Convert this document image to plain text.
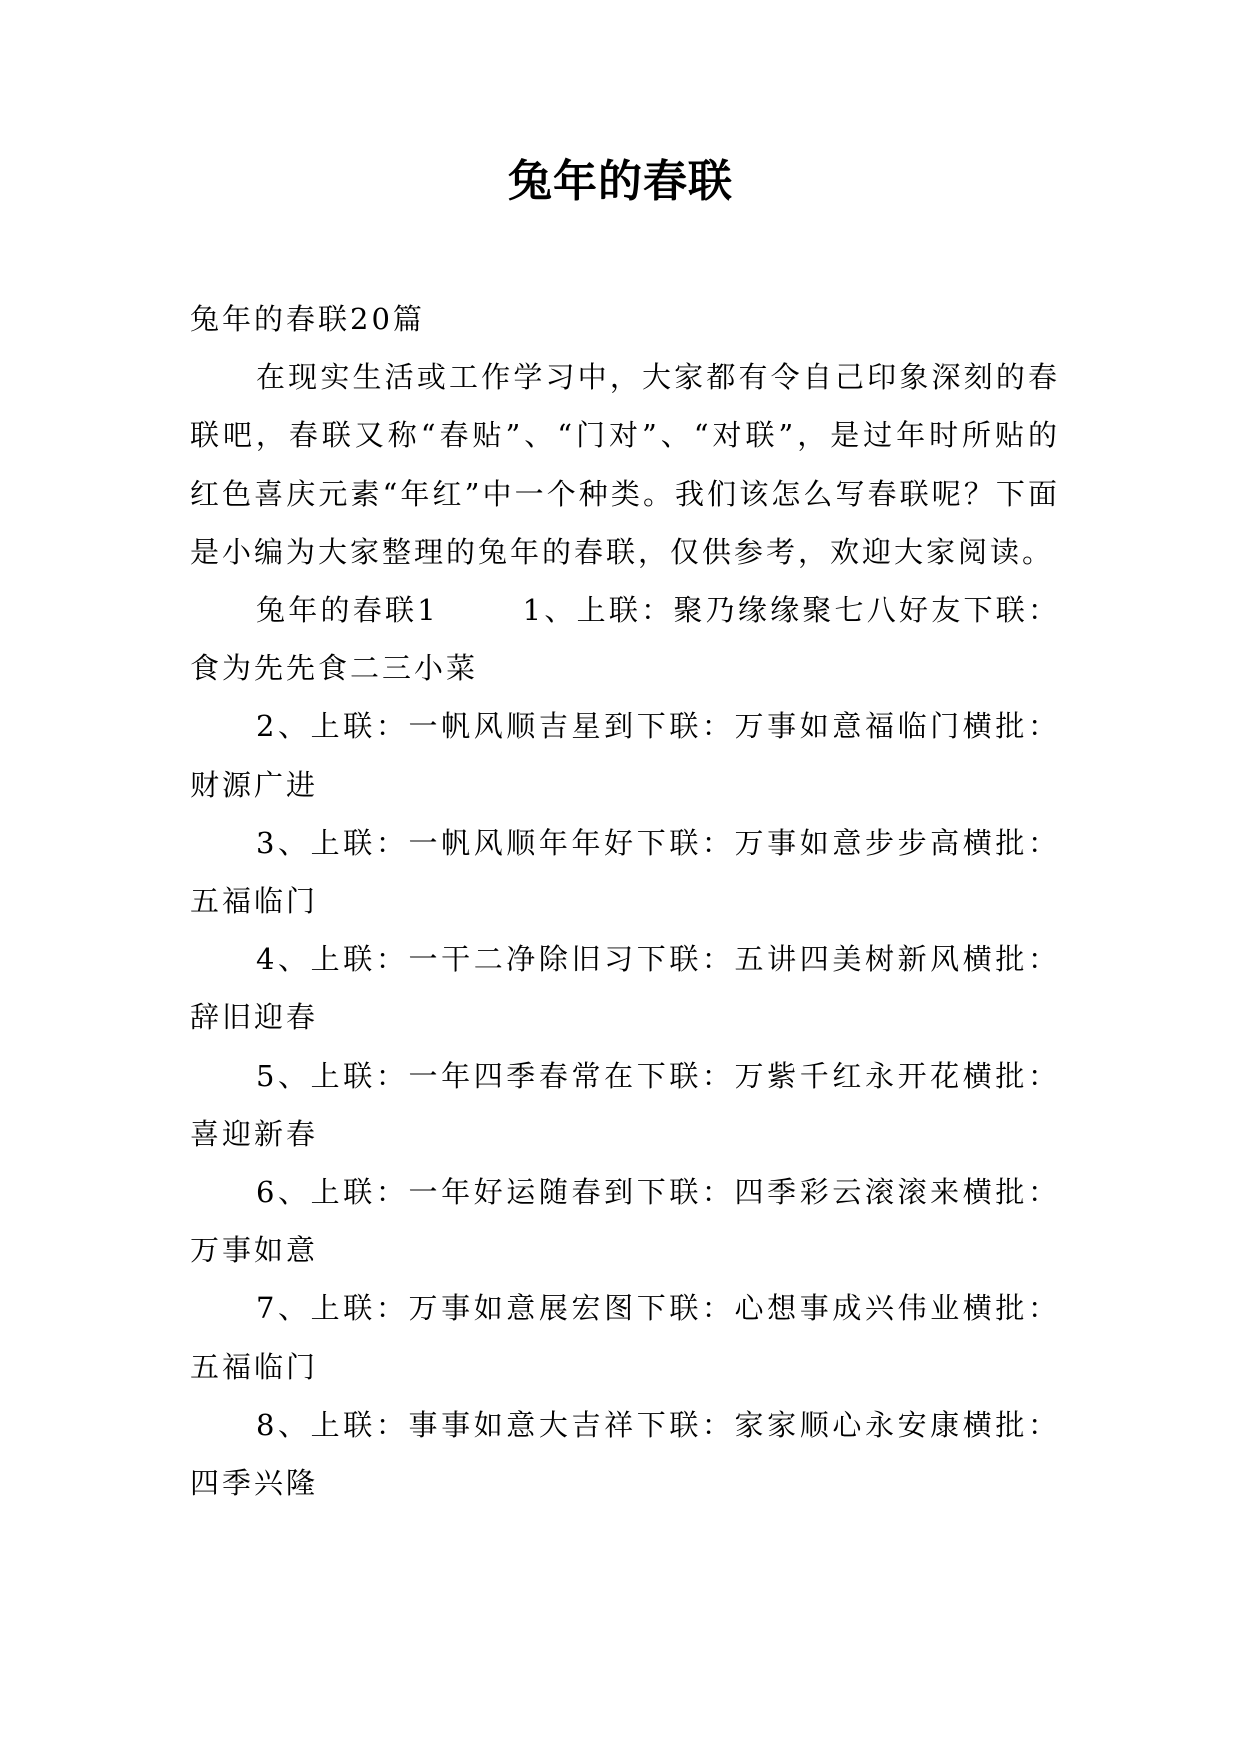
兔年的春联

兔年的春联20篇

在现实生活或工作学习中，大家都有令自己印象深刻的春联吧，春联又称“春贴”、“门对”、“对联”，是过年时所贴的红色喜庆元素“年红”中一个种类。我们该怎么写春联呢？下面是小编为大家整理的兔年的春联，仅供参考，欢迎大家阅读。

兔年的春联1	1、上联：聚乃缘缘聚七八好友下联：食为先先食二三小菜

2、上联：一帆风顺吉星到下联：万事如意福临门横批：财源广进

3、上联：一帆风顺年年好下联：万事如意步步高横批：五福临门

4、上联：一干二净除旧习下联：五讲四美树新风横批：辞旧迎春

5、上联：一年四季春常在下联：万紫千红永开花横批：喜迎新春

6、上联：一年好运随春到下联：四季彩云滚滚来横批：万事如意

7、上联：万事如意展宏图下联：心想事成兴伟业横批：五福临门

8、上联：事事如意大吉祥下联：家家顺心永安康横批：四季兴隆
